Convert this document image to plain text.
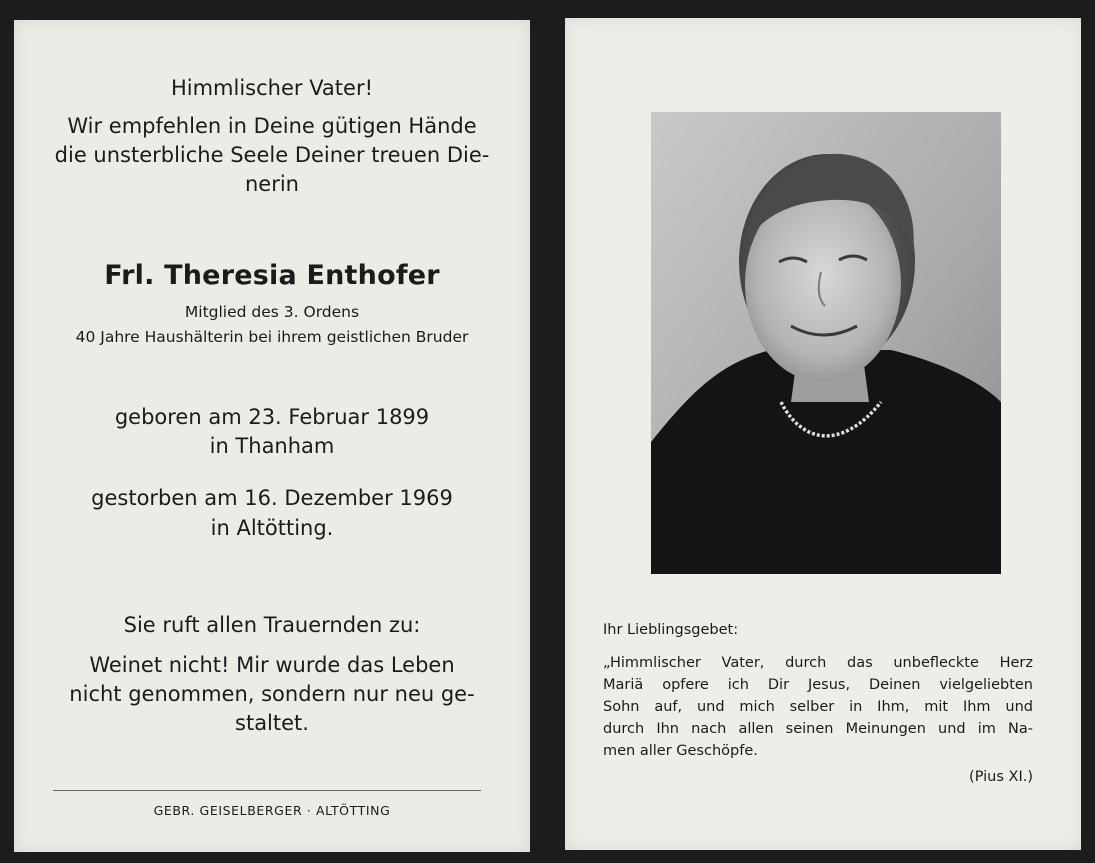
Himmlischer Vater!

Wir empfehlen in Deine gütigen Hände
die unsterbliche Seele Deiner treuen Die-
nerin

Frl. Theresia Enthofer

Mitglied des 3. Ordens

40 Jahre Haushälterin bei ihrem geistlichen Bruder

geboren am 23. Februar 1899

in Thanham

gestorben am 16. Dezember 1969

in Altötting.

Sie ruft allen Trauernden zu:

Weinet nicht! Mir wurde das Leben
nicht genommen, sondern nur neu ge-
staltet.

GEBR. GEISELBERGER · ALTÖTTING

Ihr Lieblingsgebet:

„Himmlischer Vater, durch das unbefleckte Herz
Mariä opfere ich Dir Jesus, Deinen vielgeliebten
Sohn auf, und mich selber in Ihm, mit Ihm und
durch Ihn nach allen seinen Meinungen und im Na-
men aller Geschöpfe.

(Pius XI.)
